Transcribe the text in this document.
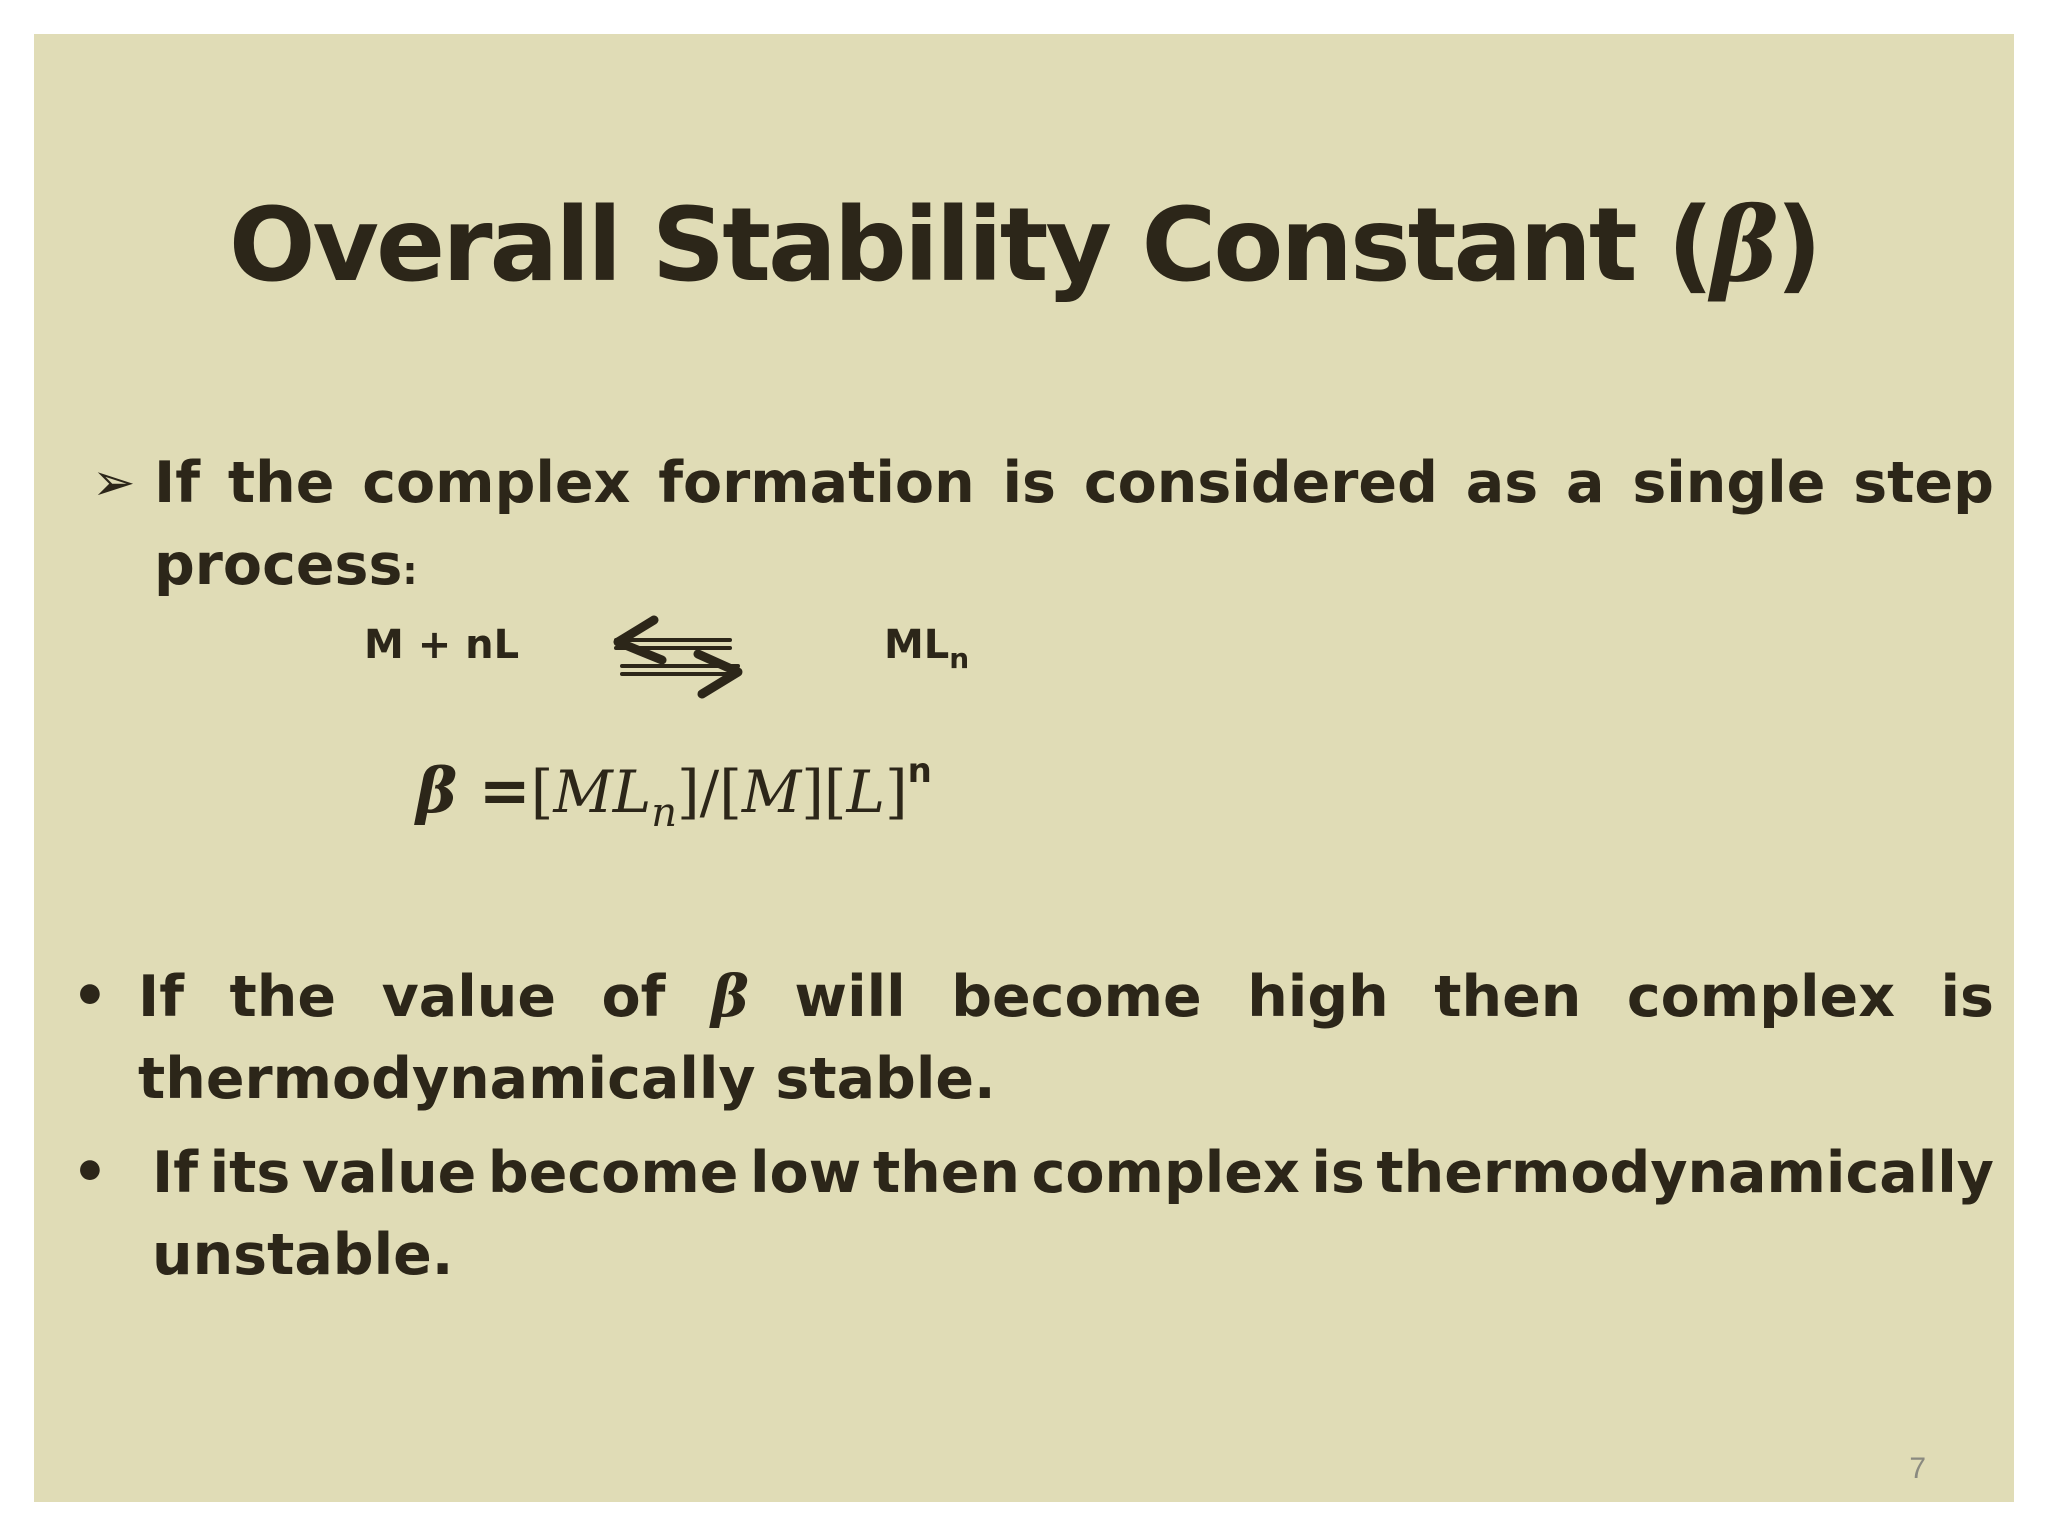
Overall Stability Constant (β)
➢ If the complex formation is considered as a single step
process:
M + nL	$ML_n$
$\beta =[ML_n]/[M][L]^n$
• If the value of β will become high then complex is
thermodynamically stable.
• If its value become low then complex is thermodynamically
unstable.
7
